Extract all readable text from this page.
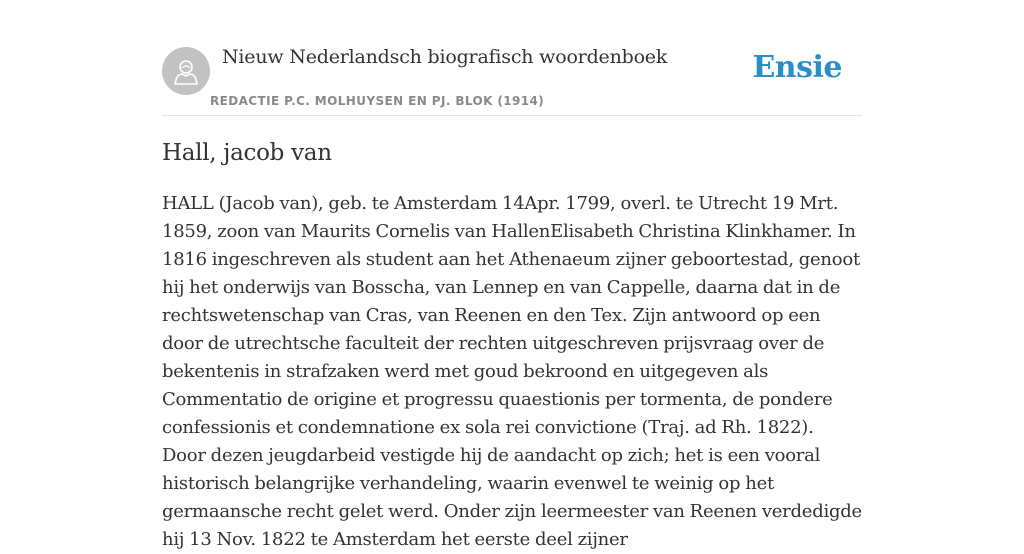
Nieuw Nederlandsch biografisch woordenboek
REDACTIE P.C. MOLHUYSEN EN PJ. BLOK (1914)
Ensie
Hall, jacob van

HALL (Jacob van), geb. te Amsterdam 14Apr. 1799, overl. te Utrecht 19 Mrt. 1859, zoon van Maurits Cornelis van HallenElisabeth Christina Klinkhamer. In 1816 ingeschreven als student aan het Athenaeum zijner geboortestad, genoot hij het onderwijs van Bosscha, van Lennep en van Cappelle, daarna dat in de rechtswetenschap van Cras, van Reenen en den Tex. Zijn antwoord op een door de utrechtsche faculteit der rechten uitgeschreven prijsvraag over de bekentenis in strafzaken werd met goud bekroond en uitgegeven als Commentatio de origine et progressu quaestionis per tormenta, de pondere confessionis et condemnatione ex sola rei convictione (Traj. ad Rh. 1822). Door dezen jeugdarbeid vestigde hij de aandacht op zich; het is een vooral historisch belangrijke verhandeling, waarin evenwel te weinig op het germaansche recht gelet werd. Onder zijn leermeester van Reenen verdedigde hij 13 Nov. 1822 te Amsterdam het eerste deel zijner
